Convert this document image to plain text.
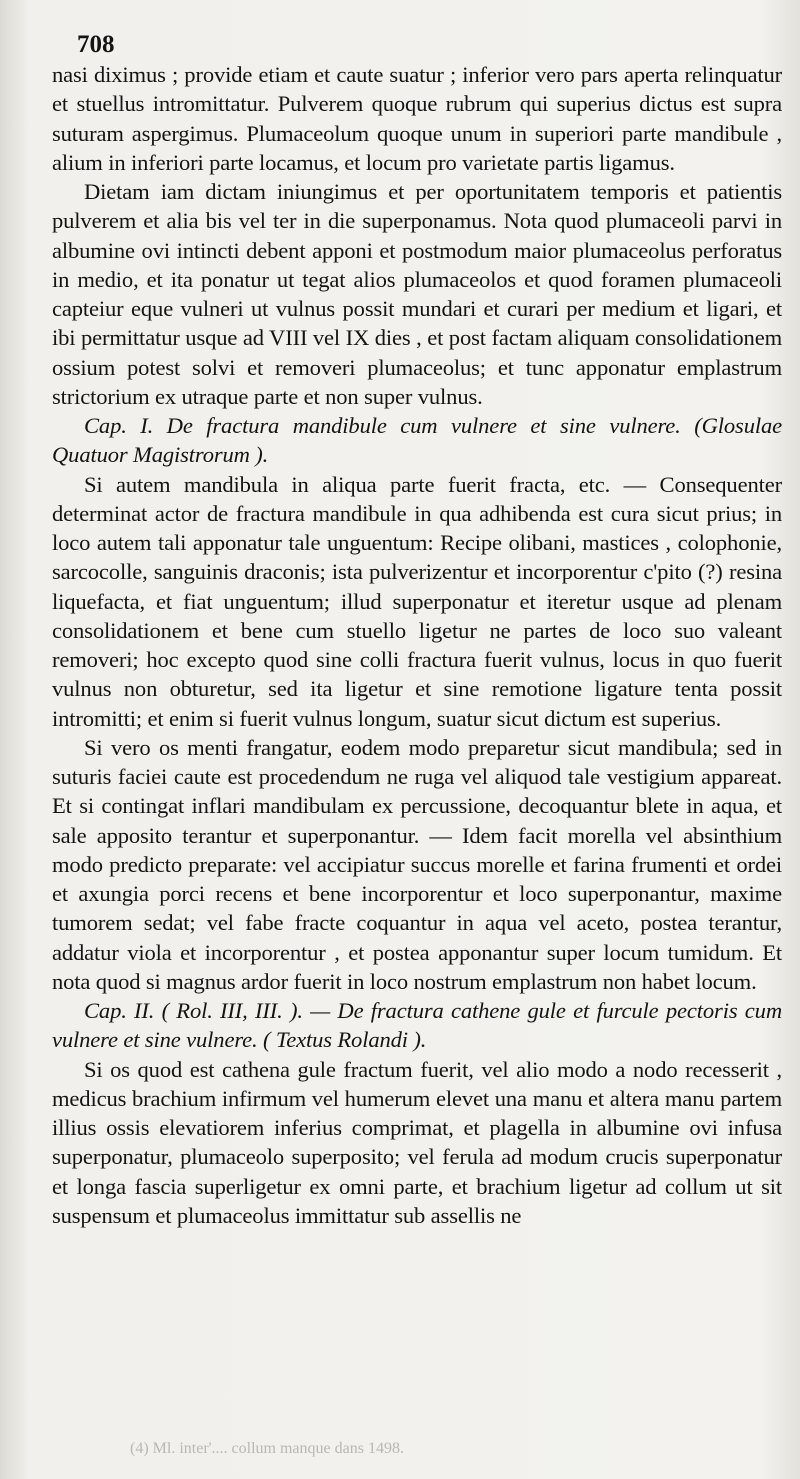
708

nasi diximus ; provide etiam et caute suatur ; inferior vero pars aperta relinquatur et stuellus intromittatur. Pulverem quoque rubrum qui superius dictus est supra suturam aspergimus. Plumaceolum quoque unum in superiori parte mandibule , alium in inferiori parte locamus, et locum pro varietate partis ligamus.

Dietam iam dictam iniungimus et per oportunitatem temporis et patientis pulverem et alia bis vel ter in die superponamus. Nota quod plumaceoli parvi in albumine ovi intincti debent apponi et postmodum maior plumaceolus perforatus in medio, et ita ponatur ut tegat alios plumaceolos et quod foramen plumaceoli capteiur eque vulneri ut vulnus possit mundari et curari per medium et ligari, et ibi permittatur usque ad VIII vel IX dies , et post factam aliquam consolidationem ossium potest solvi et removeri plumaceolus; et tunc apponatur emplastrum strictorium ex utraque parte et non super vulnus.

Cap. I. De fractura mandibule cum vulnere et sine vulnere. (Glosulae Quatuor Magistrorum ).

Si autem mandibula in aliqua parte fuerit fracta, etc. — Consequenter determinat actor de fractura mandibule in qua adhibenda est cura sicut prius; in loco autem tali apponatur tale unguentum: Recipe olibani, mastices , colophonie, sarcocolle, sanguinis draconis; ista pulverizentur et incorporentur c'pito (?) resina liquefacta, et fiat unguentum; illud superponatur et iteretur usque ad plenam consolidationem et bene cum stuello ligetur ne partes de loco suo valeant removeri; hoc excepto quod sine colli fractura fuerit vulnus, locus in quo fuerit vulnus non obturetur, sed ita ligetur et sine remotione ligature tenta possit intromitti; et enim si fuerit vulnus longum, suatur sicut dictum est superius.

Si vero os menti frangatur, eodem modo preparetur sicut mandibula; sed in suturis faciei caute est procedendum ne ruga vel aliquod tale vestigium appareat. Et si contingat inflari mandibulam ex percussione, decoquantur blete in aqua, et sale apposito terantur et superponantur. — Idem facit morella vel absinthium modo predicto preparate: vel accipiatur succus morelle et farina frumenti et ordei et axungia porci recens et bene incorporentur et loco superponantur, maxime tumorem sedat; vel fabe fracte coquantur in aqua vel aceto, postea terantur, addatur viola et incorporentur , et postea apponantur super locum tumidum. Et nota quod si magnus ardor fuerit in loco nostrum emplastrum non habet locum.

Cap. II. ( Rol. III, III. ). — De fractura cathene gule et furcule pectoris cum vulnere et sine vulnere. ( Textus Rolandi ).

Si os quod est cathena gule fractum fuerit, vel alio modo a nodo recesserit , medicus brachium infirmum vel humerum elevet una manu et altera manu partem illius ossis elevatiorem inferius comprimat, et plagella in albumine ovi infusa superponatur, plumaceolo superposito; vel ferula ad modum crucis superponatur et longa fascia superligetur ex omni parte, et brachium ligetur ad collum ut sit suspensum et plumaceolus immittatur sub assellis ne

(4) Ml. inter'.... collum manque dans 1498.
